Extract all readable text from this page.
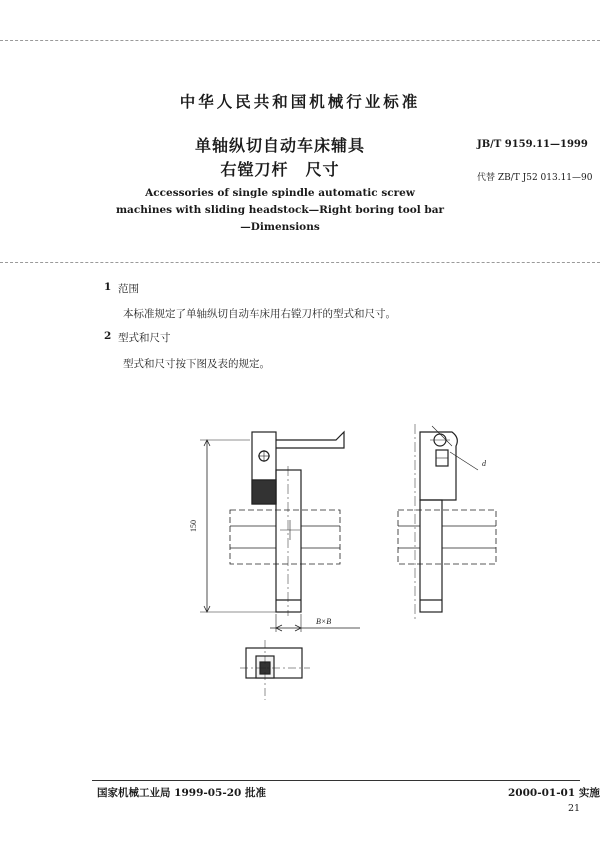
中华人民共和国机械行业标准
单轴纵切自动车床辅具
右镗刀杆　尺寸
JB/T 9159.11—1999
代替 ZB/T J52 013.11—90
Accessories of single spindle automatic screw
machines with sliding headstock—Right boring tool bar
—Dimensions
1 范围
本标准规定了单轴纵切自动车床用右镗刀杆的型式和尺寸。
2 型式和尺寸
型式和尺寸按下图及表的规定。
150
B×B
d
国家机械工业局 1999-05-20 批准	2000-01-01 实施
21
